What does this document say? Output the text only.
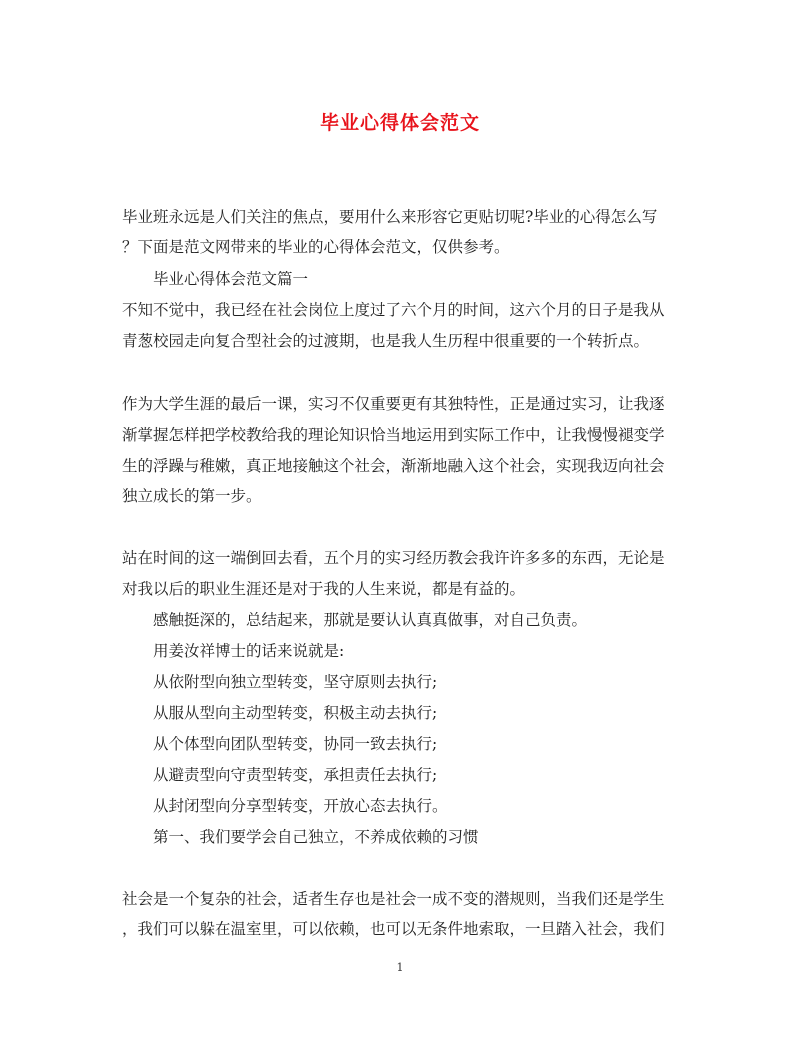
毕业心得体会范文
毕业班永远是人们关注的焦点，要用什么来形容它更贴切呢?毕业的心得怎么写
？下面是范文网带来的毕业的心得体会范文，仅供参考。
毕业心得体会范文篇一
不知不觉中，我已经在社会岗位上度过了六个月的时间，这六个月的日子是我从
青葱校园走向复合型社会的过渡期，也是我人生历程中很重要的一个转折点。
作为大学生涯的最后一课，实习不仅重要更有其独特性，正是通过实习，让我逐
渐掌握怎样把学校教给我的理论知识恰当地运用到实际工作中，让我慢慢褪变学
生的浮躁与稚嫩，真正地接触这个社会，渐渐地融入这个社会，实现我迈向社会
独立成长的第一步。
站在时间的这一端倒回去看，五个月的实习经历教会我许许多多的东西，无论是
对我以后的职业生涯还是对于我的人生来说，都是有益的。
感触挺深的，总结起来，那就是要认认真真做事，对自己负责。
用姜汝祥博士的话来说就是:
从依附型向独立型转变，坚守原则去执行;
从服从型向主动型转变，积极主动去执行;
从个体型向团队型转变，协同一致去执行;
从避责型向守责型转变，承担责任去执行;
从封闭型向分享型转变，开放心态去执行。
第一、我们要学会自己独立，不养成依赖的习惯
社会是一个复杂的社会，适者生存也是社会一成不变的潜规则，当我们还是学生
，我们可以躲在温室里，可以依赖，也可以无条件地索取，一旦踏入社会，我们
1
